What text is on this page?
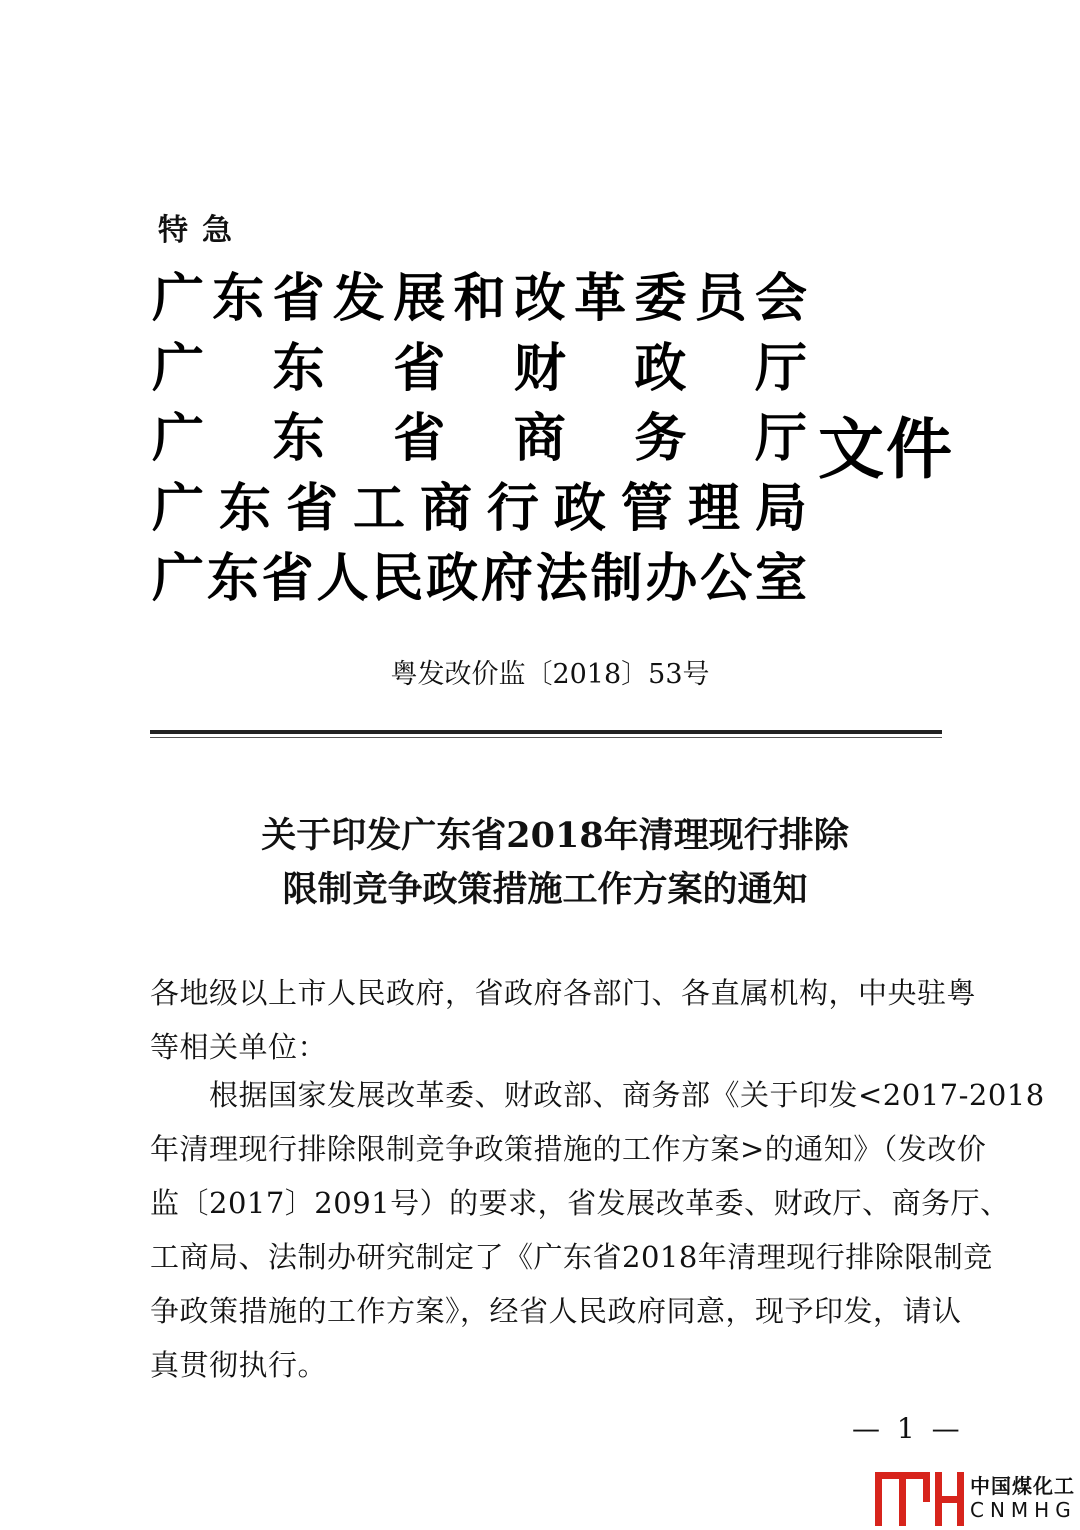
特急
广 东 省 发 展 和 改 革 委 员 会
广 东 省 财 政 厅
广 东 省 商 务 厅
广 东 省 工 商 行 政 管 理 局
广 东 省 人 民 政 府 法 制 办 公 室
文件
粤发改价监〔2018〕53号
关于印发广东省2018年清理现行排除
限制竞争政策措施工作方案的通知
各地级以上市人民政府，省政府各部门、各直属机构，中央驻粤
等相关单位：
　　根据国家发展改革委、财政部、商务部《关于印发<2017-2018
年清理现行排除限制竞争政策措施的工作方案>的通知》（发改价
监〔2017〕2091号）的要求，省发展改革委、财政厅、商务厅、
工商局、法制办研究制定了《广东省2018年清理现行排除限制竞
争政策措施的工作方案》，经省人民政府同意，现予印发，请认
真贯彻执行。
— 1 —
中国煤化工
CNMHG
